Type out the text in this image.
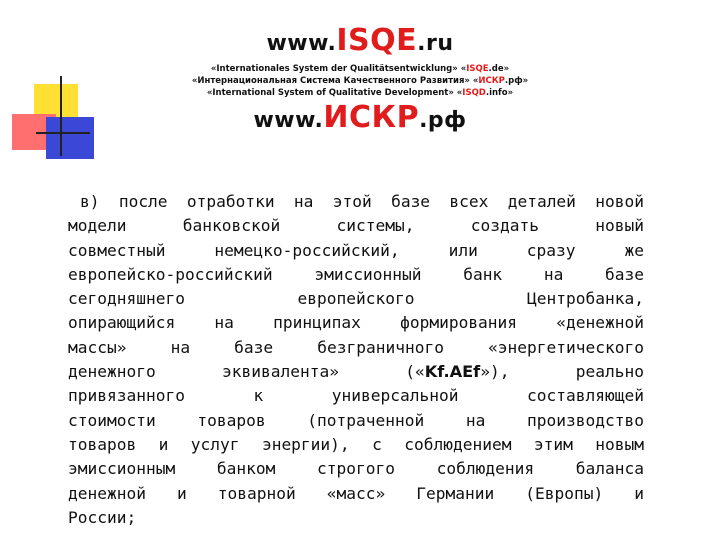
www.ISQE.ru
«Internationales System der Qualitätsentwicklung» «ISQE.de»
«Интернациональная Система Качественного Развития» «ИСКР.рф»
«International System of Qualitative Development» «ISQD.info»
www.ИСКР.рф
в) после отработки на этой базе всех деталей новой
модели банковской системы, создать новый
совместный немецко-российский, или сразу же
европейско-российский эмиссионный банк на базе
сегодняшнего европейского Центробанка,
опирающийся на принципах формирования «денежной
массы» на базе безграничного «энергетического
денежного эквивалента» («Kf.AEf»), реально
привязанного к универсальной составляющей
стоимости товаров (потраченной на производство
товаров и услуг энергии), с соблюдением этим новым
эмиссионным банком строгого соблюдения баланса
денежной и товарной «масс» Германии (Европы) и
России;
